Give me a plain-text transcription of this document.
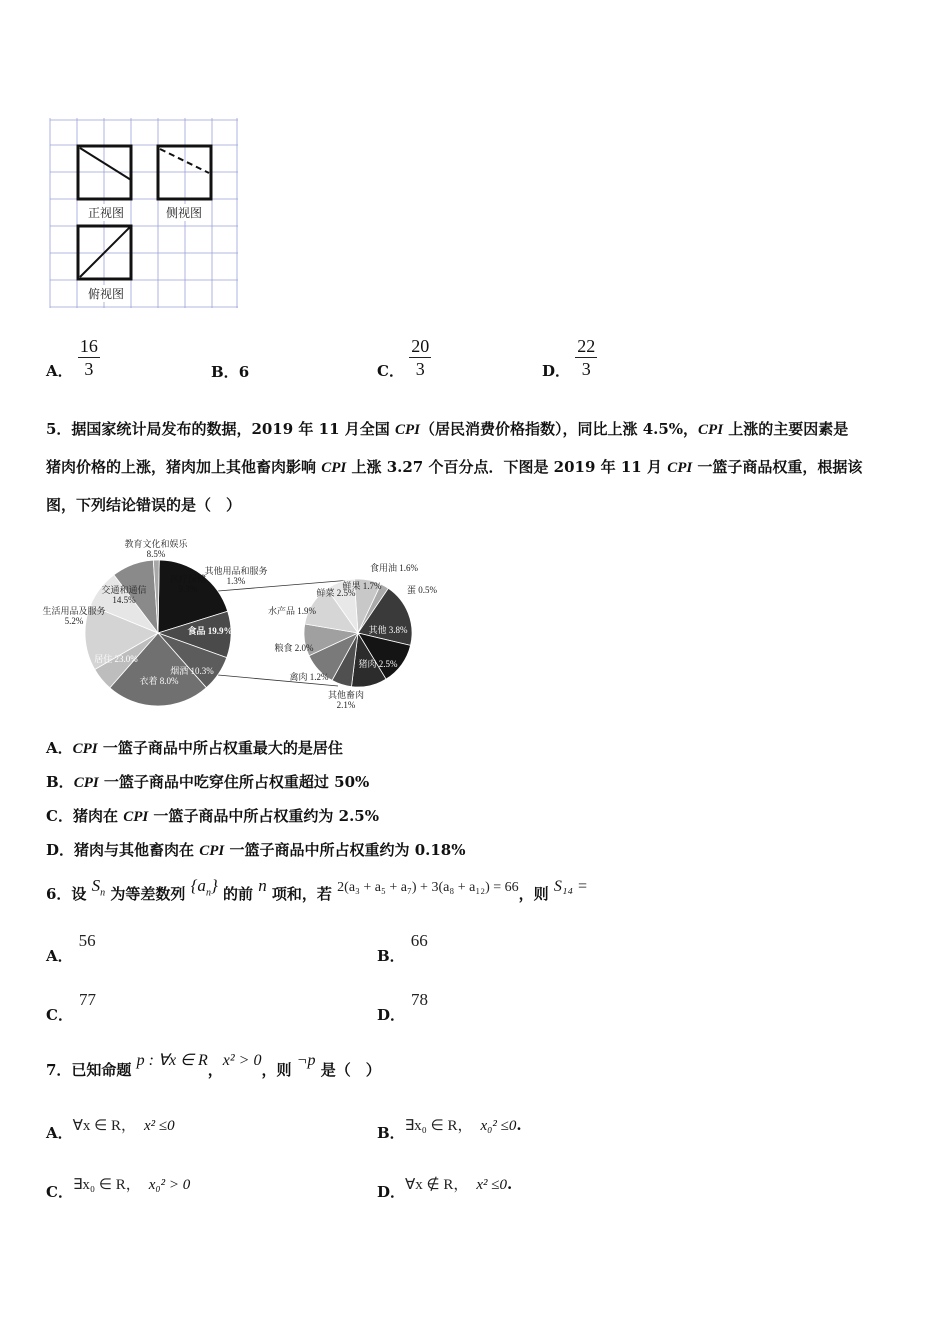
正视图	侧视图
俯视图
A． $\frac{16}{3}$	B．6	C． $\frac{20}{3}$	D． $\frac{22}{3}$
5．据国家统计局发布的数据，2019 年 11 月全国 CPI（居民消费价格指数），同比上涨 4.5%，CPI 上涨的主要因素是
猪肉价格的上涨，猪肉加上其他畜肉影响 CPI 上涨 3.27 个百分点．下图是 2019 年 11 月 CPI 一篮子商品权重，根据该
图，下列结论错误的是（　）
食品 19.9%
烟酒 10.3%
衣着 8.0%
居住 23.0%
生活用品及服务 5.2%
交通和通信 14.5%
教育文化和娱乐 8.5%
医疗保健 9.3%
其他用品和服务 1.3%
食用油 1.6%
蛋 0.5%
其他 3.8%
猪肉 2.5%
其他畜肉 2.1%
禽肉 1.2%
粮食 2.0%
水产品 1.9%
鲜菜 2.5%
鲜果 1.7%
A．CPI 一篮子商品中所占权重最大的是居住
B．CPI 一篮子商品中吃穿住所占权重超过 50%
C．猪肉在 CPI 一篮子商品中所占权重约为 2.5%
D．猪肉与其他畜肉在 CPI 一篮子商品中所占权重约为 0.18%
6．设 $S_n$ 为等差数列 $\{a_n\}$ 的前 n 项和，若 2(a₃ + a₅ + a₇) + 3(a₈ + a₁₂) = 66，则 S₁₄ =
A．56
B．66
C．77
D．78
7．已知命题 p : ∀x ∈ R，x² > 0，则 ¬p 是（　）
A．∀x ∈ R， x² ≤0	B．∃x₀ ∈ R， x₀² ≤0.
C．∃x₀ ∈ R， x₀² > 0	D．∀x ∉ R， x² ≤0.
